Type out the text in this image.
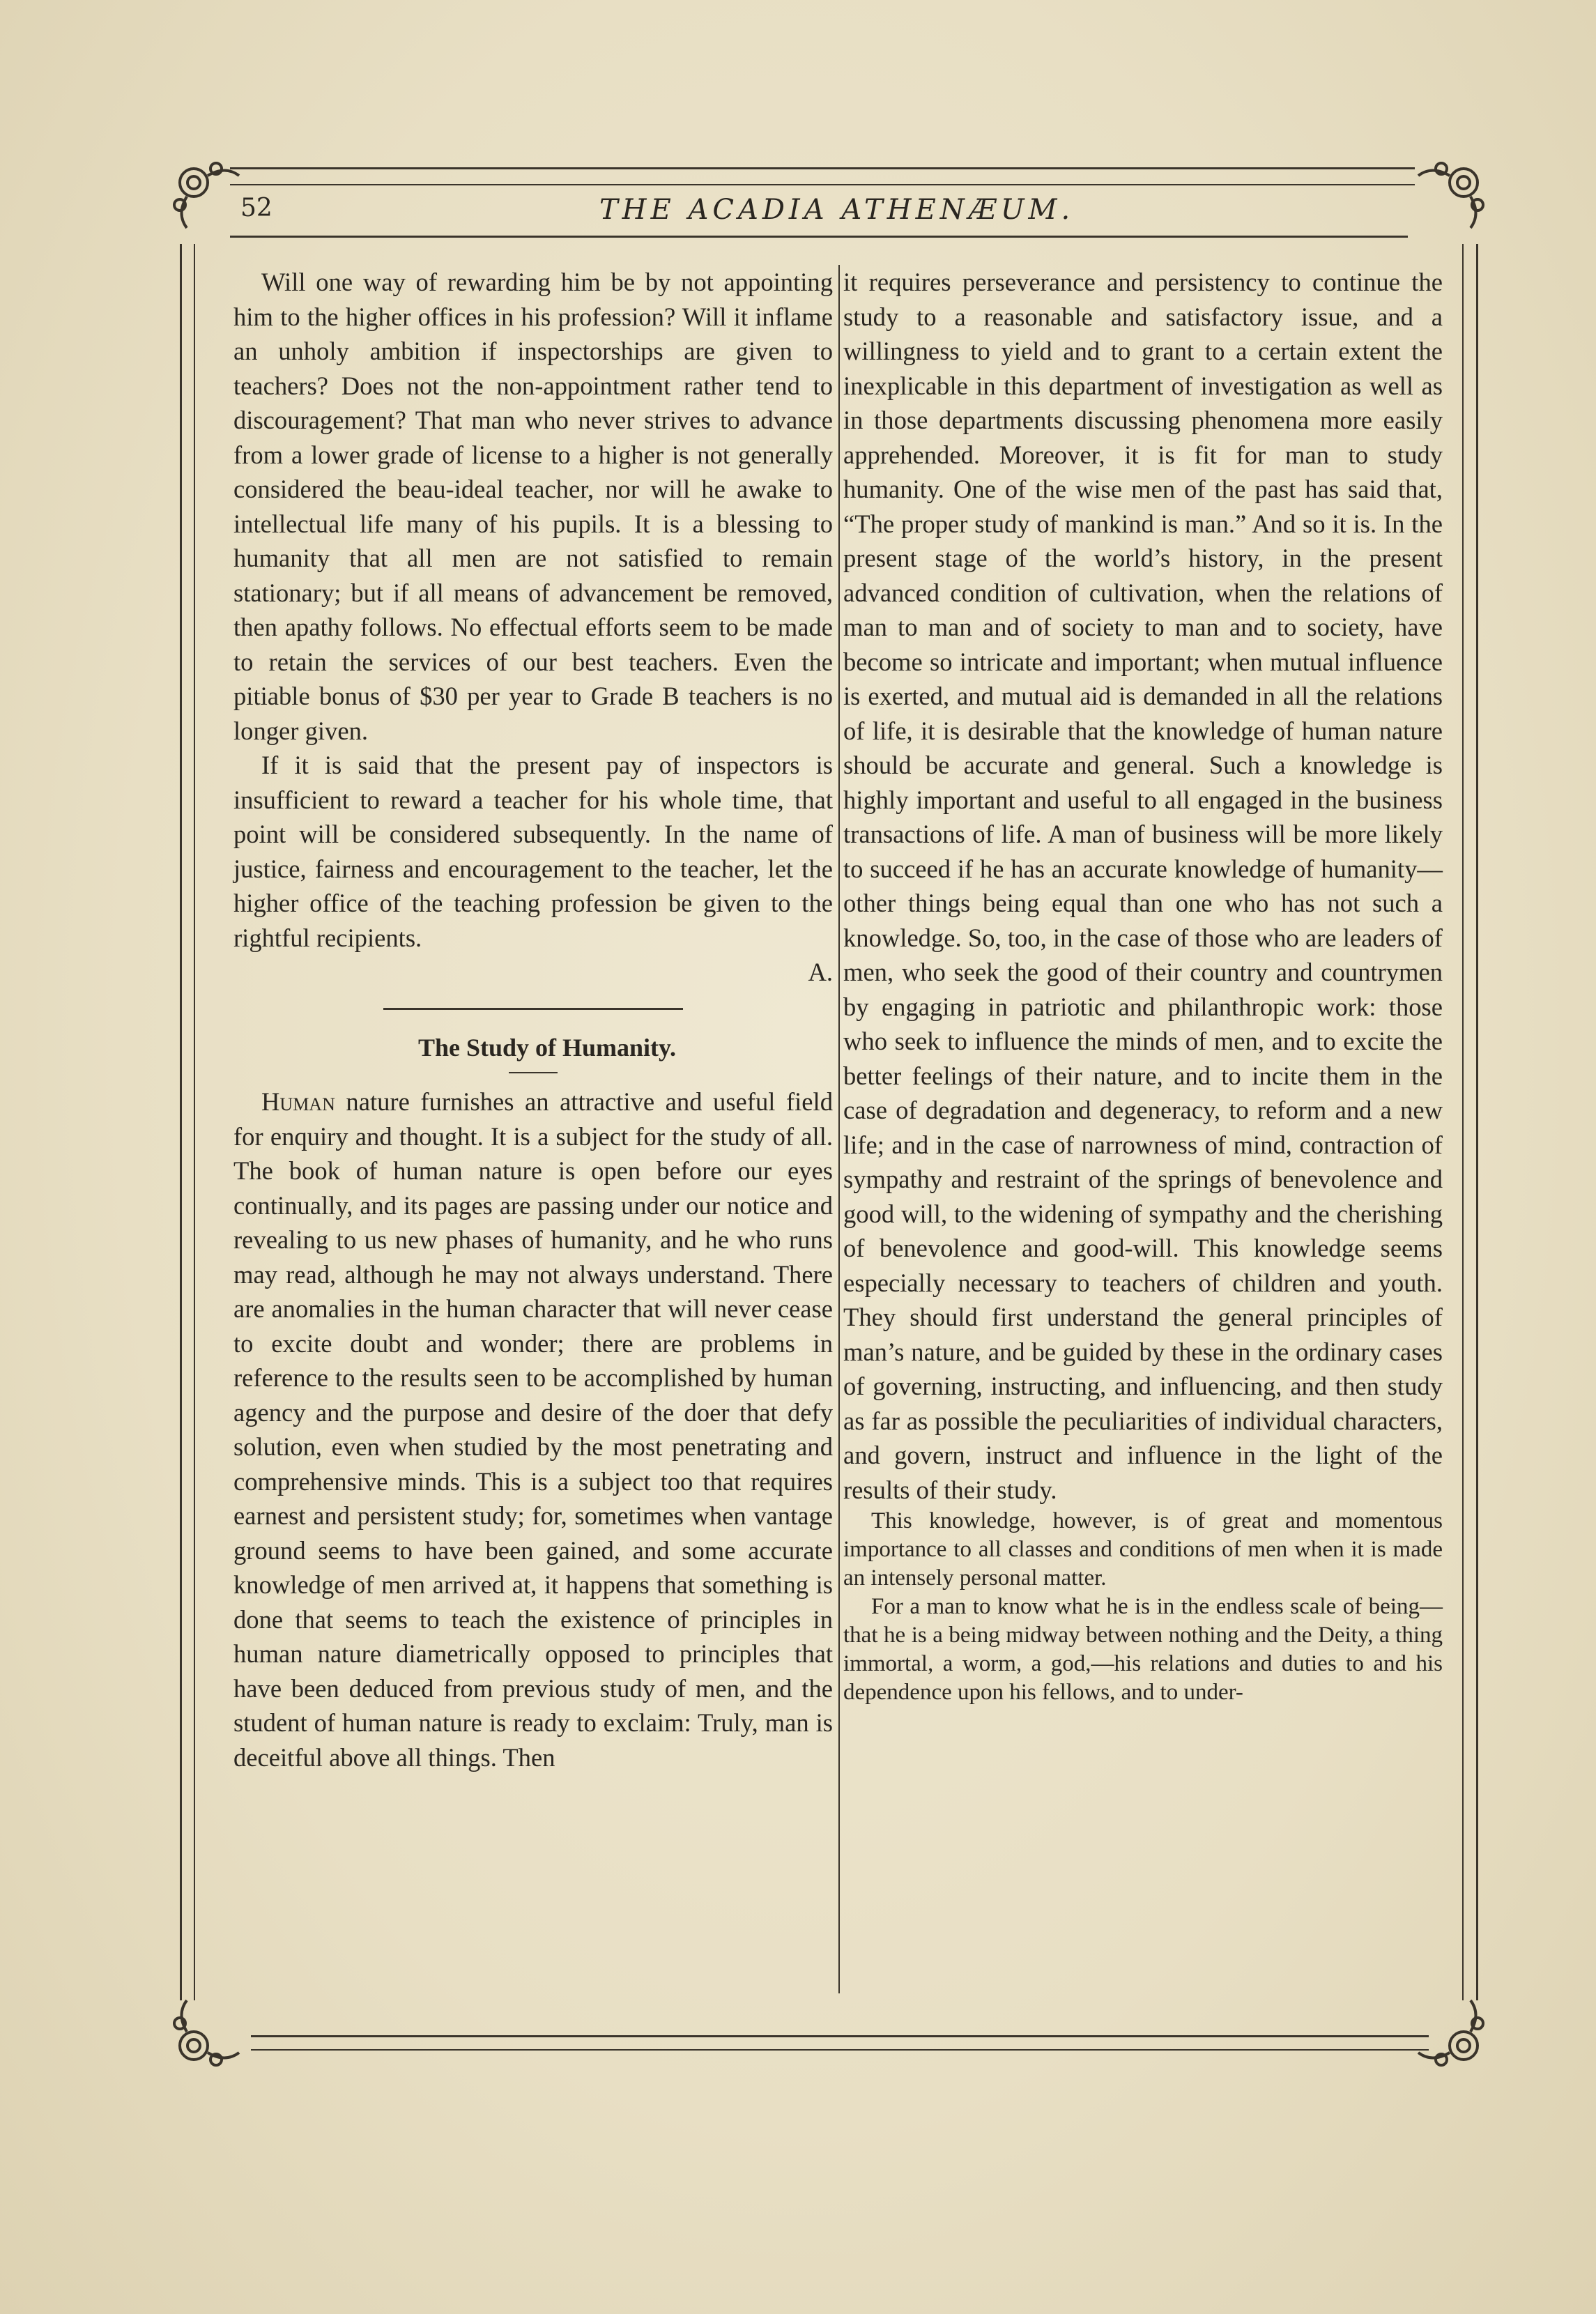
52	THE ACADIA ATHENÆUM.

Will one way of rewarding him be by not appointing him to the higher offices in his profession? Will it inflame an unholy ambition if inspectorships are given to teachers? Does not the non-appointment rather tend to discouragement? That man who never strives to advance from a lower grade of license to a higher is not generally considered the beau-ideal teacher, nor will he awake to intellectual life many of his pupils. It is a blessing to humanity that all men are not satisfied to remain stationary; but if all means of advancement be removed, then apathy follows. No effectual efforts seem to be made to retain the services of our best teachers. Even the pitiable bonus of $30 per year to Grade B teachers is no longer given.

If it is said that the present pay of inspectors is insufficient to reward a teacher for his whole time, that point will be considered subsequently. In the name of justice, fairness and encouragement to the teacher, let the higher office of the teaching profession be given to the rightful recipients.

A.

The Study of Humanity.

Human nature furnishes an attractive and useful field for enquiry and thought. It is a subject for the study of all. The book of human nature is open before our eyes continually, and its pages are passing under our notice and revealing to us new phases of humanity, and he who runs may read, although he may not always understand. There are anomalies in the human character that will never cease to excite doubt and wonder; there are problems in reference to the results seen to be accomplished by human agency and the purpose and desire of the doer that defy solution, even when studied by the most penetrating and comprehensive minds. This is a subject too that requires earnest and persistent study; for, sometimes when vantage ground seems to have been gained, and some accurate knowledge of men arrived at, it happens that something is done that seems to teach the existence of principles in human nature diametrically opposed to principles that have been deduced from previous study of men, and the student of human nature is ready to exclaim: Truly, man is deceitful above all things. Then

it requires perseverance and persistency to continue the study to a reasonable and satisfactory issue, and a willingness to yield and to grant to a certain extent the inexplicable in this department of investigation as well as in those departments discussing phenomena more easily apprehended. Moreover, it is fit for man to study humanity. One of the wise men of the past has said that, “The proper study of mankind is man.” And so it is. In the present stage of the world’s history, in the present advanced condition of cultivation, when the relations of man to man and of society to man and to society, have become so intricate and important; when mutual influence is exerted, and mutual aid is demanded in all the relations of life, it is desirable that the knowledge of human nature should be accurate and general. Such a knowledge is highly important and useful to all engaged in the business transactions of life. A man of business will be more likely to succeed if he has an accurate knowledge of humanity—other things being equal than one who has not such a knowledge. So, too, in the case of those who are leaders of men, who seek the good of their country and countrymen by engaging in patriotic and philanthropic work: those who seek to influence the minds of men, and to excite the better feelings of their nature, and to incite them in the case of degradation and degeneracy, to reform and a new life; and in the case of narrowness of mind, contraction of sympathy and restraint of the springs of benevolence and good will, to the widening of sympathy and the cherishing of benevolence and good-will. This knowledge seems especially necessary to teachers of children and youth. They should first understand the general principles of man’s nature, and be guided by these in the ordinary cases of governing, instructing, and influencing, and then study as far as possible the peculiarities of individual characters, and govern, instruct and influence in the light of the results of their study.

This knowledge, however, is of great and momentous importance to all classes and conditions of men when it is made an intensely personal matter.

For a man to know what he is in the endless scale of being—that he is a being midway between nothing and the Deity, a thing immortal, a worm, a god,—his relations and duties to and his dependence upon his fellows, and to under-
